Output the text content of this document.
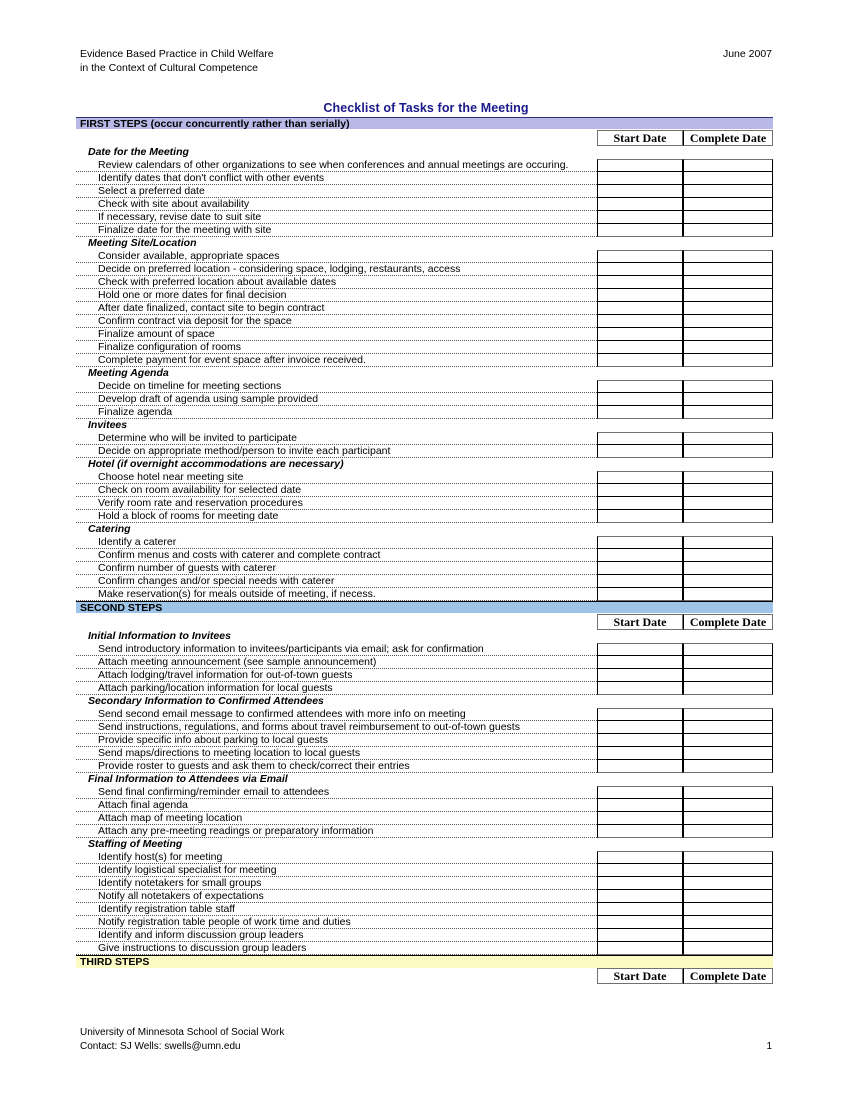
Evidence Based Practice in Child Welfare
in the Context of Cultural Competence
June 2007
Checklist of Tasks for the Meeting
FIRST STEPS (occur concurrently rather than serially)
Start Date	Complete Date
Date for the Meeting
Review calendars of other organizations to see when conferences and annual meetings are occuring.
Identify dates that don't conflict with other events
Select a preferred date
Check with site about availability
If necessary, revise date to suit site
Finalize date for the meeting with site
Meeting Site/Location
Consider available, appropriate spaces
Decide on preferred location - considering space, lodging, restaurants, access
Check with preferred location about available dates
Hold one or more dates for final decision
After date finalized, contact site to begin contract
Confirm contract via deposit for the space
Finalize amount of space
Finalize configuration of rooms
Complete payment for event space after invoice received.
Meeting Agenda
Decide on timeline for meeting sections
Develop draft of agenda using sample provided
Finalize agenda
Invitees
Determine who will be invited to participate
Decide on appropriate method/person to invite each participant
Hotel (if overnight accommodations are necessary)
Choose hotel near meeting site
Check on room availability for selected date
Verify room rate and reservation procedures
Hold a block of rooms for meeting date
Catering
Identify a caterer
Confirm menus and costs with caterer and complete contract
Confirm number of guests with caterer
Confirm changes and/or special needs with caterer
Make reservation(s) for meals outside of meeting, if necess.
SECOND STEPS
Start Date	Complete Date
Initial Information to Invitees
Send introductory information to invitees/participants via email; ask for confirmation
Attach meeting announcement (see sample announcement)
Attach lodging/travel information for out-of-town guests
Attach parking/location information for local guests
Secondary Information to Confirmed Attendees
Send second email message to confirmed attendees with more info on meeting
Send instructions, regulations, and forms about travel reimbursement to out-of-town guests
Provide specific info about parking to local guests
Send maps/directions to meeting location to local guests
Provide roster to guests and ask them to check/correct their entries
Final Information to Attendees via Email
Send final confirming/reminder email to attendees
Attach final agenda
Attach map of meeting location
Attach any pre-meeting readings or preparatory information
Staffing of Meeting
Identify host(s) for meeting
Identify logistical specialist for meeting
Identify notetakers for small groups
Notify all notetakers of expectations
Identify registration table staff
Notify registration table people of work time and duties
Identify and inform discussion group leaders
Give instructions to discussion group leaders
THIRD STEPS
Start Date	Complete Date
University of Minnesota School of Social Work
Contact: SJ Wells: swells@umn.edu	1
